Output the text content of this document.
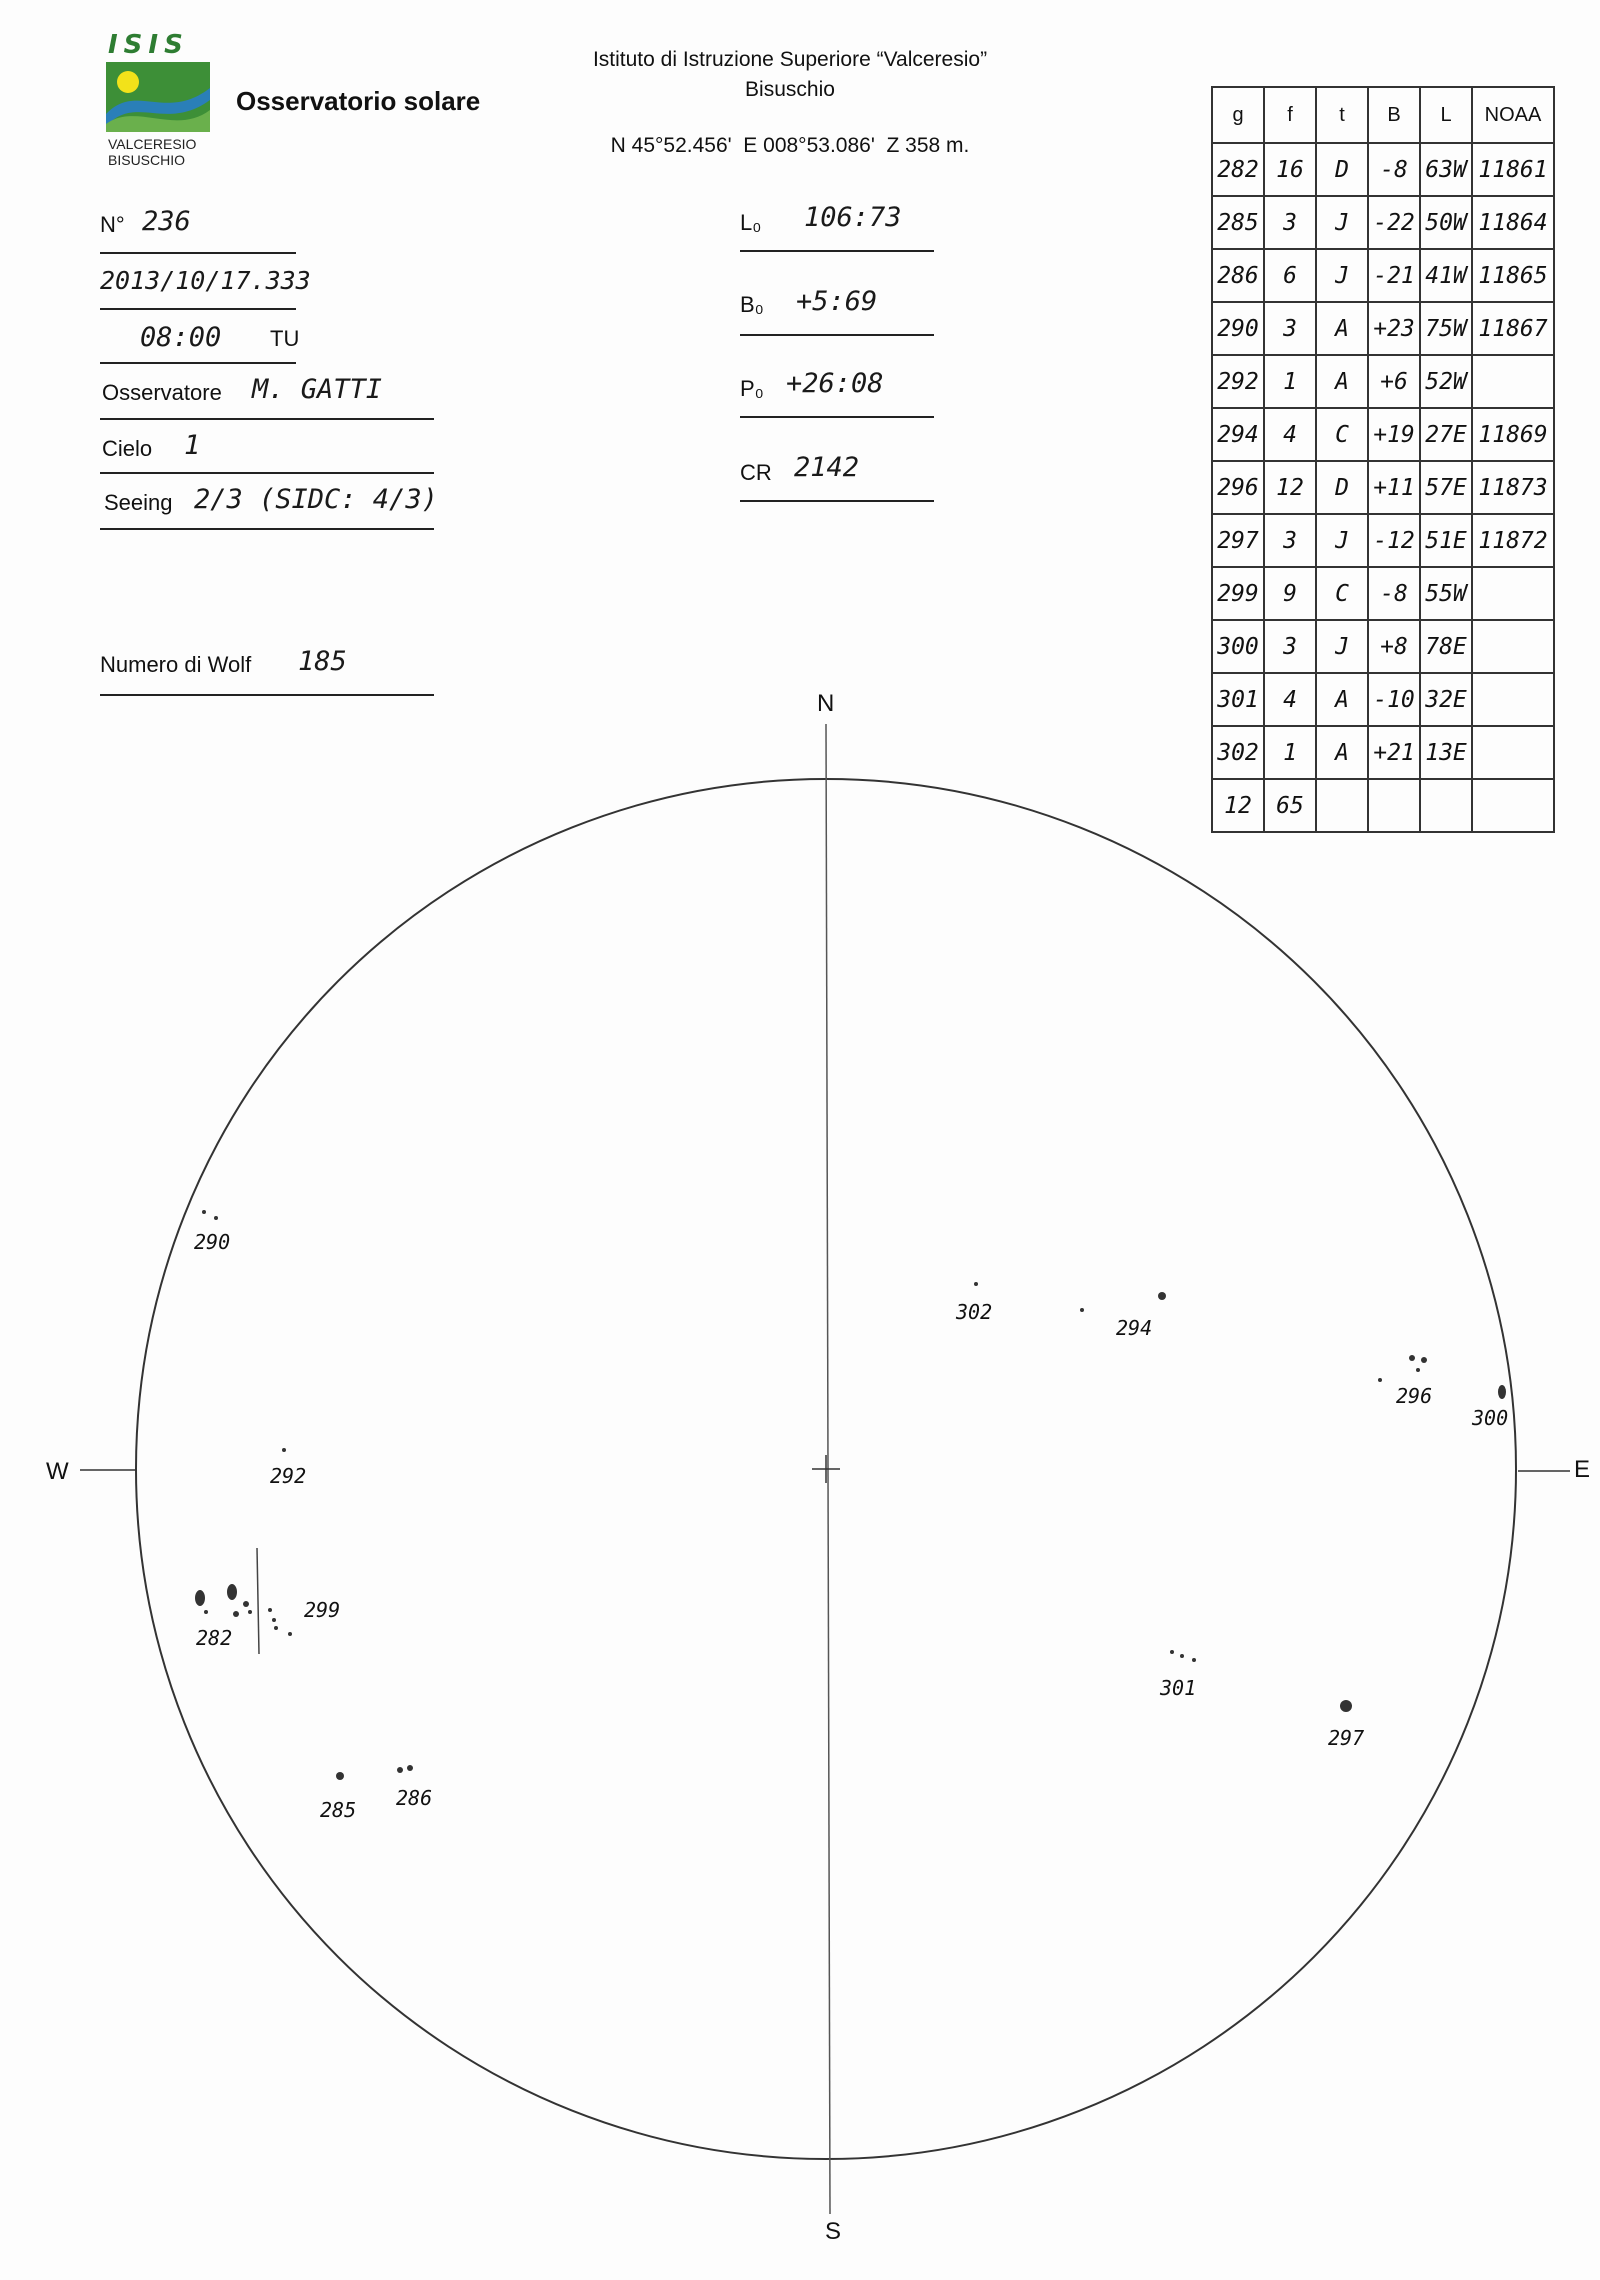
ISIS
VALCERESIO
BISUSCHIO
Osservatorio solare
Istituto di Istruzione Superiore “Valceresio”
Bisuschio
N 45°52.456'  E 008°53.086'  Z 358 m.
N° 236
2013/10/17.333
08:00 TU
Osservatore M. GATTI
Cielo 1
Seeing 2/3 (SIDC: 4/3)
Numero di Wolf 185
L₀ 106:73
B₀ +5:69
P₀ +26:08
CR 2142
g	f	t	B	L	NOAA
282	16	D	-8	63W	11861
285	3	J	-22	50W	11864
286	6	J	-21	41W	11865
290	3	A	+23	75W	11867
292	1	A	+6	52W	
294	4	C	+19	27E	11869
296	12	D	+11	57E	11873
297	3	J	-12	51E	11872
299	9	C	-8	55W	
300	3	J	+8	78E	
301	4	A	-10	32E	
302	1	A	+21	13E	
12	65				
N
S
W	E
290
292
299
282
285 286
302
294
296
300
301
297
